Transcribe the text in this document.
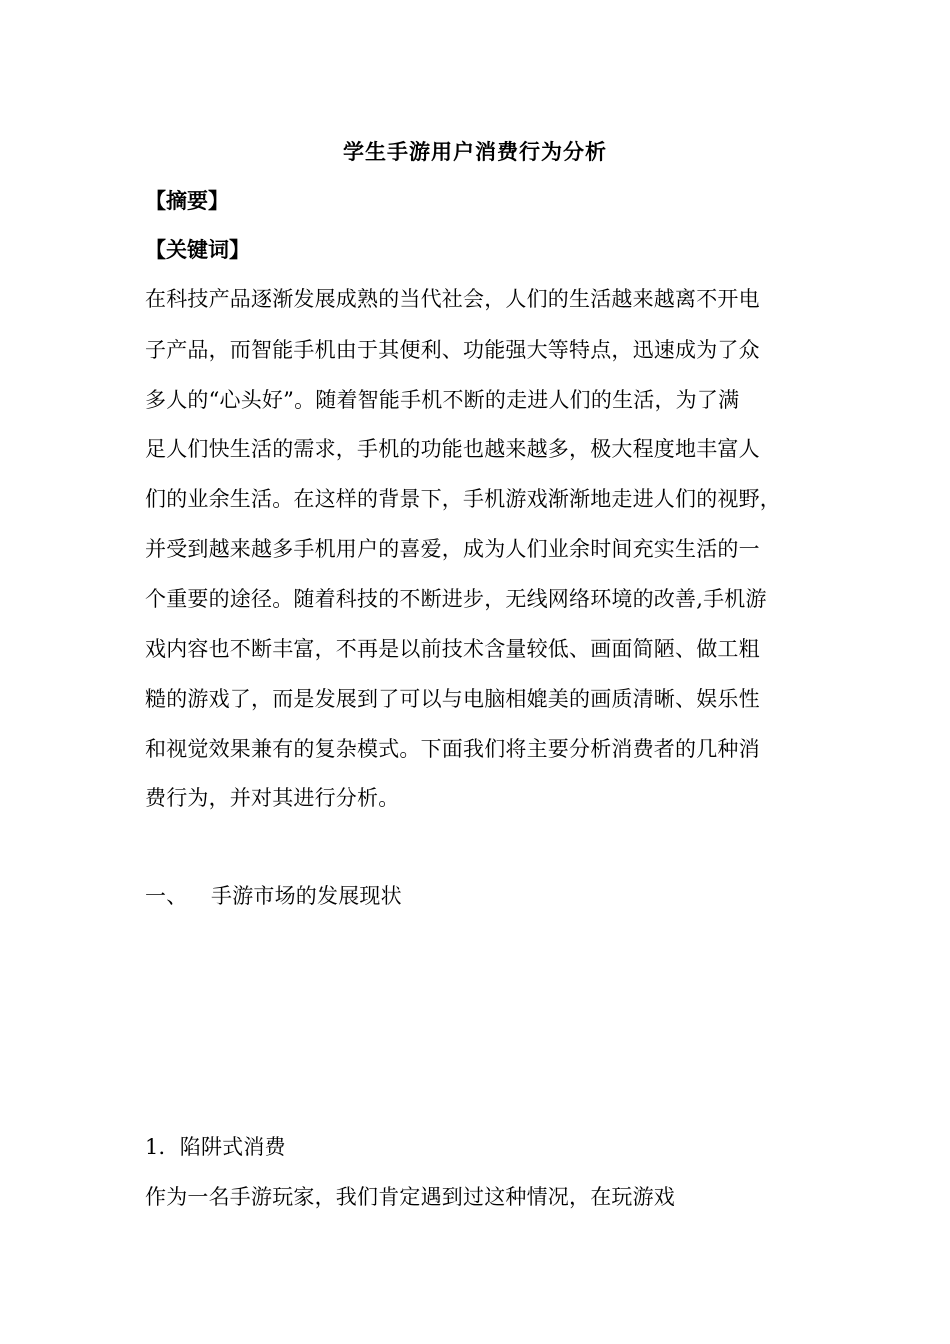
学生手游用户消费行为分析
【摘要】
【关键词】
在科技产品逐渐发展成熟的当代社会，人们的生活越来越离不开电
子产品，而智能手机由于其便利、功能强大等特点，迅速成为了众
多人的“心头好”。随着智能手机不断的走进人们的生活，为了满
足人们快生活的需求，手机的功能也越来越多，极大程度地丰富人
们的业余生活。在这样的背景下，手机游戏渐渐地走进人们的视野，
并受到越来越多手机用户的喜爱，成为人们业余时间充实生活的一
个重要的途径。随着科技的不断进步，无线网络环境的改善,手机游
戏内容也不断丰富，不再是以前技术含量较低、画面简陋、做工粗
糙的游戏了，而是发展到了可以与电脑相媲美的画质清晰、娱乐性
和视觉效果兼有的复杂模式。下面我们将主要分析消费者的几种消
费行为，并对其进行分析。
一、 手游市场的发展现状
1．陷阱式消费
作为一名手游玩家，我们肯定遇到过这种情况，在玩游戏
